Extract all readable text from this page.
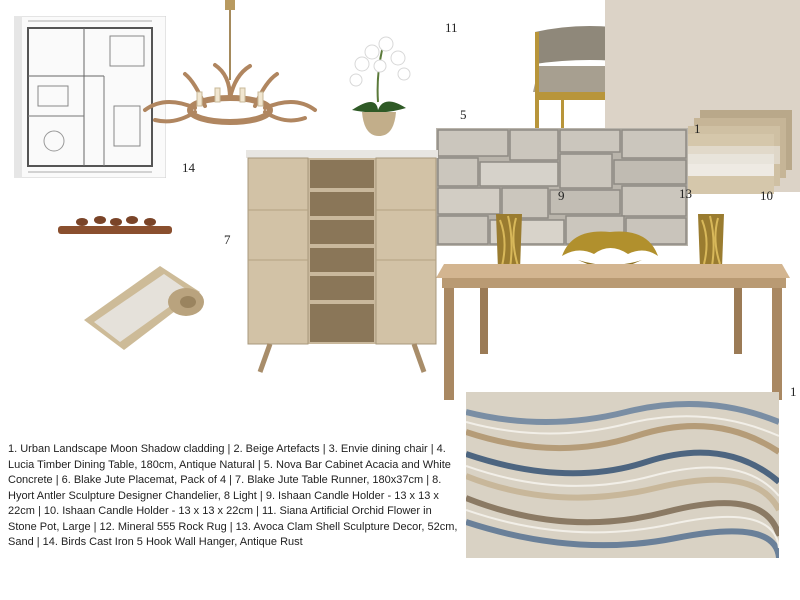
11
5
14
7
9	13	10
1
1
1. Urban Landscape Moon Shadow cladding | 2. Beige Artefacts | 3. Envie dining chair | 4. Lucia Timber Dining Table, 180cm, Antique Natural | 5. Nova Bar Cabinet Acacia and White Concrete | 6. Blake Jute Placemat, Pack of 4 | 7. Blake Jute Table Runner, 180x37cm | 8. Hyort Antler Sculpture Designer Chandelier, 8 Light | 9. Ishaan Candle Holder - 13 x 13 x 22cm | 10. Ishaan Candle Holder - 13 x 13 x 22cm | 11. Siana Artificial Orchid Flower in Stone Pot, Large | 12. Mineral 555 Rock Rug | 13. Avoca Clam Shell Sculpture Decor, 52cm, Sand | 14. Birds Cast Iron 5 Hook Wall Hanger, Antique Rust
